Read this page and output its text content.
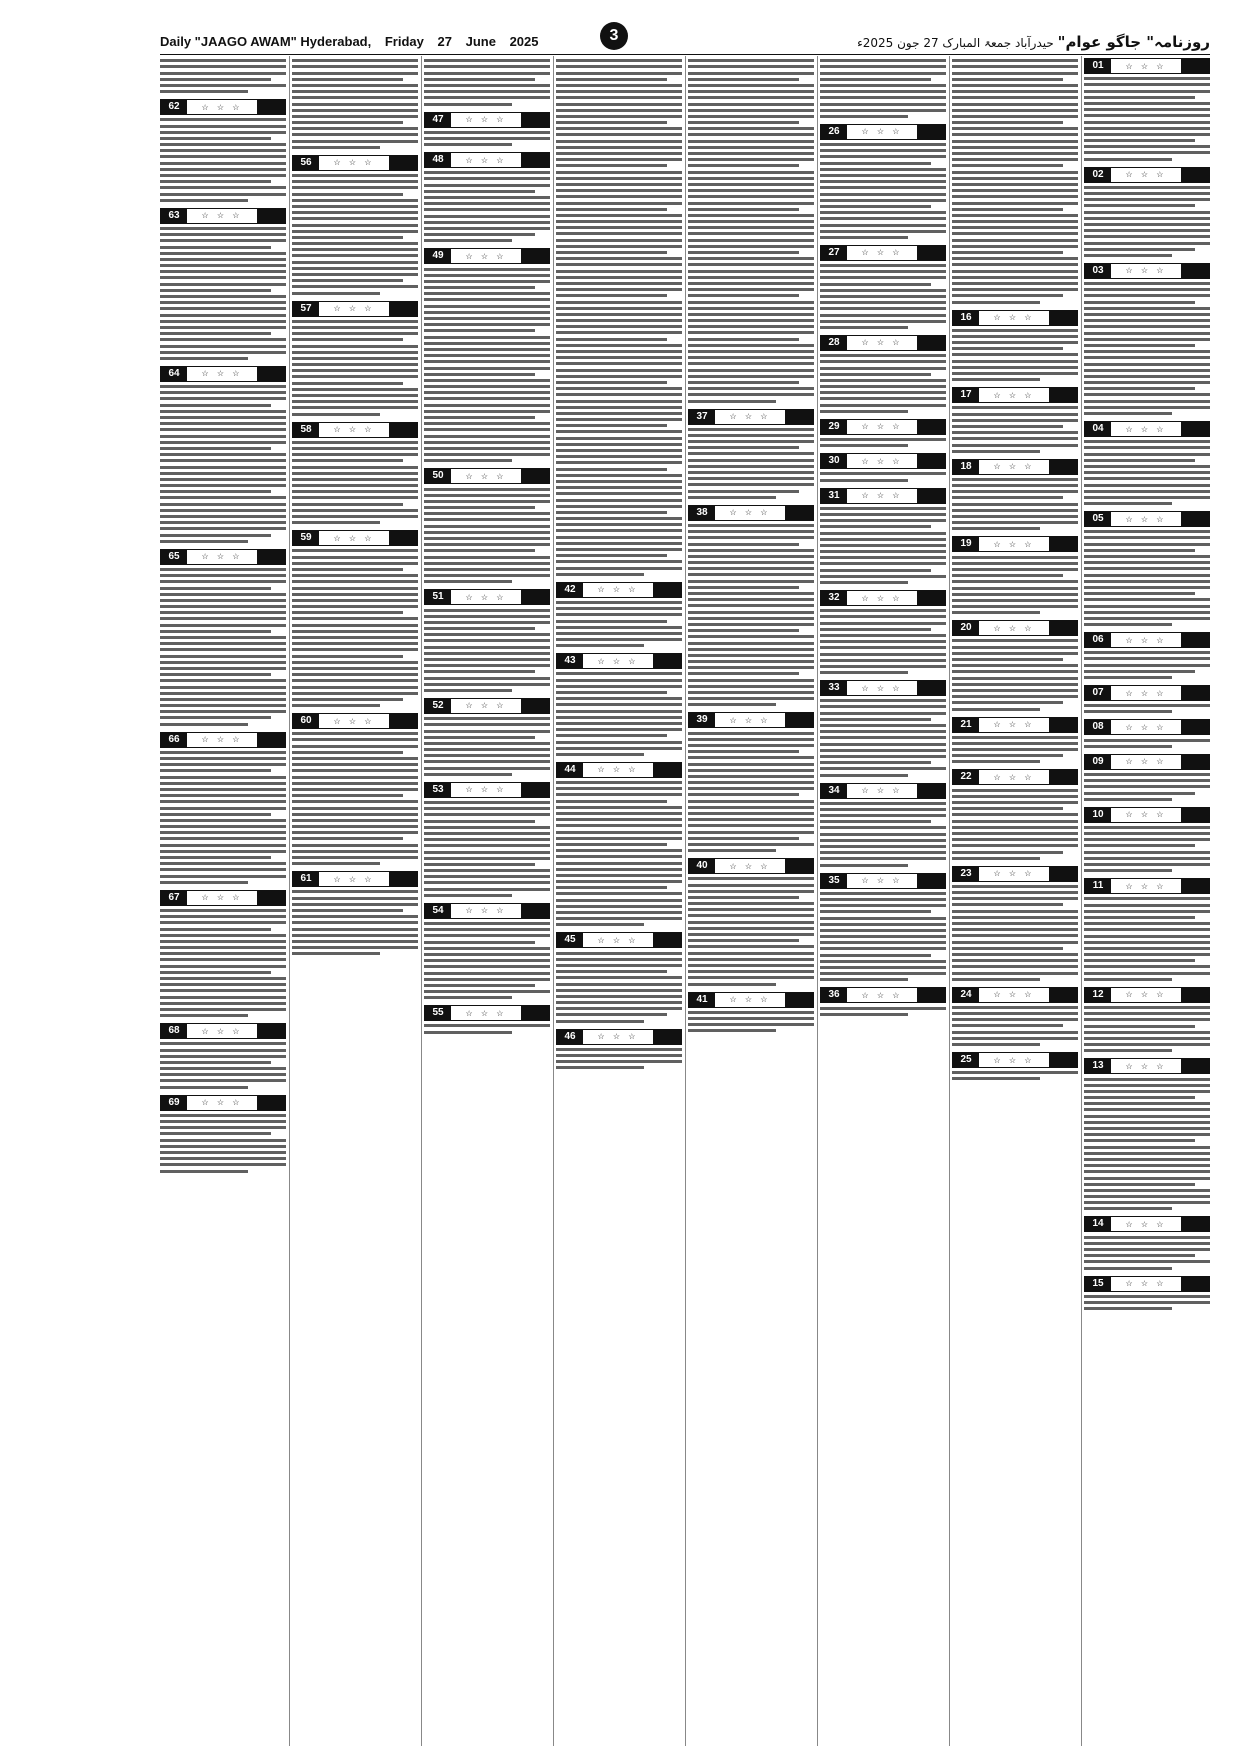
Daily "JAAGO AWAM" Hyderabad, Friday 27 June 2025	روزنامہ" جاگو عوام" حیدرآباد جمعۃ المبارک 27 جون 2025ء
3
01	☆ ☆ ☆
02	☆ ☆ ☆
03	☆ ☆ ☆
04	☆ ☆ ☆
05	☆ ☆ ☆
06	☆ ☆ ☆
07	☆ ☆ ☆
08	☆ ☆ ☆
09	☆ ☆ ☆
10	☆ ☆ ☆
11	☆ ☆ ☆
12	☆ ☆ ☆
13	☆ ☆ ☆
14	☆ ☆ ☆
15	☆ ☆ ☆
16	☆ ☆ ☆
17	☆ ☆ ☆
18	☆ ☆ ☆
19	☆ ☆ ☆
20	☆ ☆ ☆
21	☆ ☆ ☆
22	☆ ☆ ☆
23	☆ ☆ ☆
24	☆ ☆ ☆
25	☆ ☆ ☆
26	☆ ☆ ☆
27	☆ ☆ ☆
28	☆ ☆ ☆
29	☆ ☆ ☆
30	☆ ☆ ☆
31	☆ ☆ ☆
32	☆ ☆ ☆
33	☆ ☆ ☆
34	☆ ☆ ☆
35	☆ ☆ ☆
36	☆ ☆ ☆
37	☆ ☆ ☆
38	☆ ☆ ☆
39	☆ ☆ ☆
40	☆ ☆ ☆
41	☆ ☆ ☆
42	☆ ☆ ☆
43	☆ ☆ ☆
44	☆ ☆ ☆
45	☆ ☆ ☆
46	☆ ☆ ☆
47	☆ ☆ ☆
48	☆ ☆ ☆
49	☆ ☆ ☆
50	☆ ☆ ☆
51	☆ ☆ ☆
52	☆ ☆ ☆
53	☆ ☆ ☆
54	☆ ☆ ☆
55	☆ ☆ ☆
56	☆ ☆ ☆
57	☆ ☆ ☆
58	☆ ☆ ☆
59	☆ ☆ ☆
60	☆ ☆ ☆
61	☆ ☆ ☆
62	☆ ☆ ☆
63	☆ ☆ ☆
64	☆ ☆ ☆
65	☆ ☆ ☆
66	☆ ☆ ☆
67	☆ ☆ ☆
68	☆ ☆ ☆
69	☆ ☆ ☆
